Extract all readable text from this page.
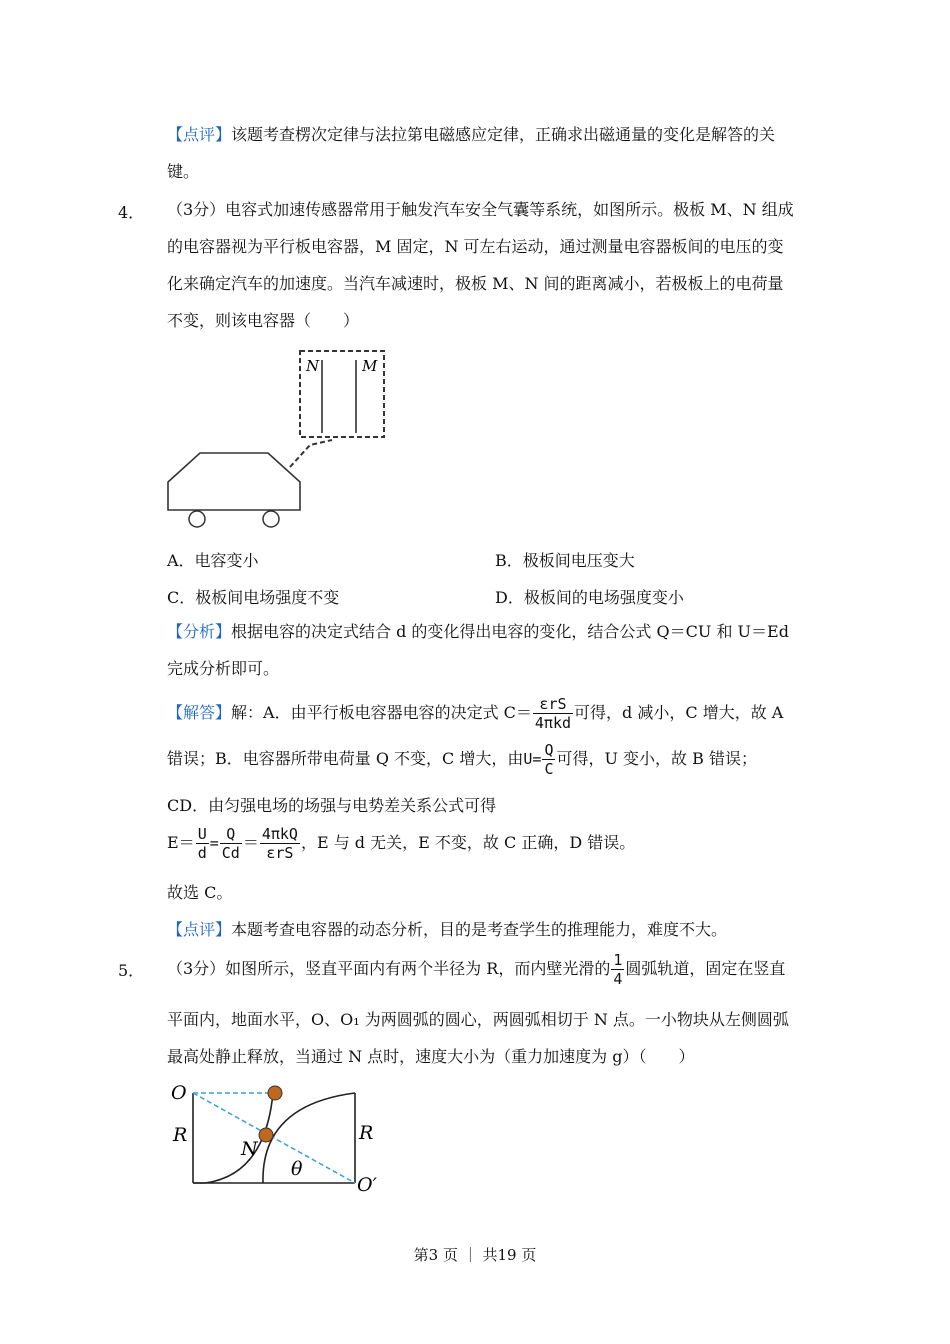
【点评】该题考查楞次定律与法拉第电磁感应定律，正确求出磁通量的变化是解答的关
键。
4． （3分）电容式加速传感器常用于触发汽车安全气囊等系统，如图所示。极板 M、N 组成
的电容器视为平行板电容器，M 固定，N 可左右运动，通过测量电容器板间的电压的变
化来确定汽车的加速度。当汽车减速时，极板 M、N 间的距离减小，若极板上的电荷量
不变，则该电容器（　　）
N	M
A．电容变小	B．极板间电压变大
C．极板间电场强度不变	D．极板间的电场强度变小
【分析】根据电容的决定式结合 d 的变化得出电容的变化，结合公式 Q＝CU 和 U＝Ed
完成分析即可。
【解答】解：A．由平行板电容器电容的决定式 $C= \frac{\text{εrS}}{\text{4πkd}}$ 可得，d 减小，C 增大，故 A
错误；B．电容器所带电荷量 Q 不变，C 增大，由$U= \frac{Q}{C}$ 可得，U 变小，故 B 错误；
CD．由匀强电场的场强与电势差关系公式可得
$E= \frac{U}{d} = \frac{Q}{Cd} = \frac{\text{4πkQ}}{\text{εrS}}$ ，E 与 d 无关，E 不变，故 C 正确，D 错误。
故选 C。
【点评】本题考查电容器的动态分析，目的是考查学生的推理能力，难度不大。
5． （3分）如图所示，竖直平面内有两个半径为 R，而内壁光滑的 $\frac{1}{4}$ 圆弧轨道，固定在竖直
平面内，地面水平，O、O₁ 为两圆弧的圆心，两圆弧相切于 N 点。一小物块从左侧圆弧
最高处静止释放，当通过 N 点时，速度大小为（重力加速度为 g）（　　）
O
R
N
θ
R
O′
第3 页 ｜ 共19 页
